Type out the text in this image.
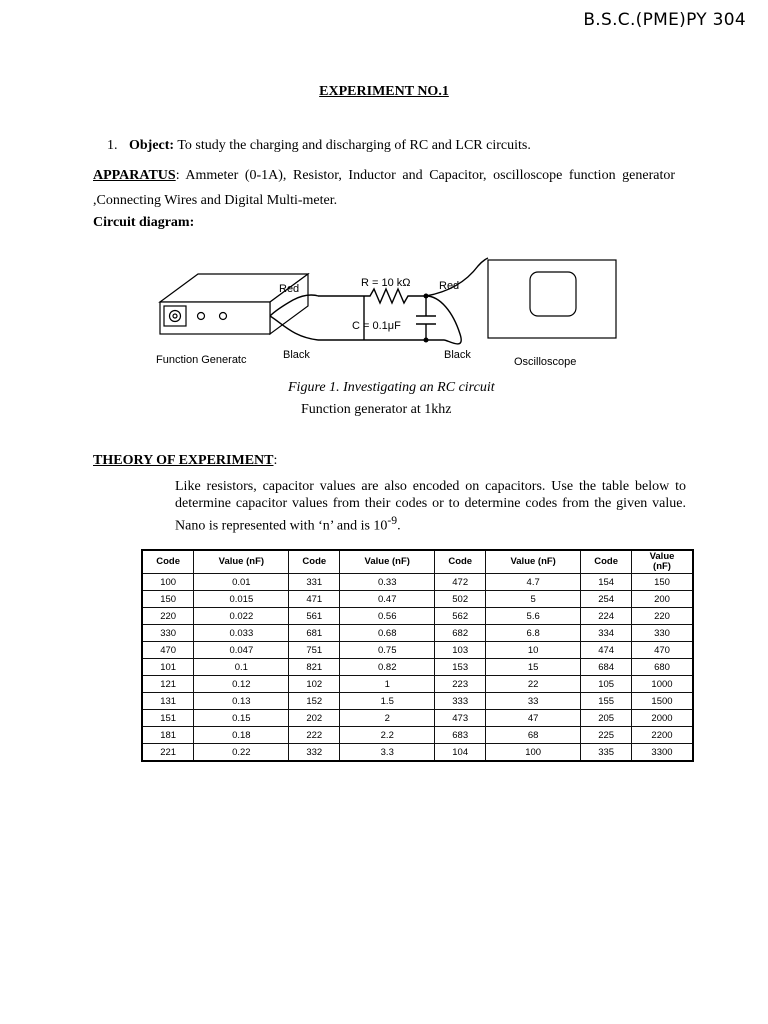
B.S.C.(PME)PY 304
EXPERIMENT NO.1
1. Object: To study the charging and discharging of RC and LCR circuits.
APPARATUS: Ammeter (0-1A), Resistor, Inductor and Capacitor, oscilloscope function generator ,Connecting Wires and Digital Multi-meter.
Circuit diagram:
Red	Red
R = 10 kΩ
C = 0.1μF
Black	Black
Function Generatc	Oscilloscope
Figure 1. Investigating an RC circuit
Function generator at 1khz
THEORY OF EXPERIMENT:
Like resistors, capacitor values are also encoded on capacitors. Use the table below to determine capacitor values from their codes or to determine codes from the given value. Nano is represented with ‘n’ and is $10^{-9}$.
Code	Value (nF)	Code	Value (nF)	Code	Value (nF)	Code	Value (nF)
100	0.01	331	0.33	472	4.7	154	150
150	0.015	471	0.47	502	5	254	200
220	0.022	561	0.56	562	5.6	224	220
330	0.033	681	0.68	682	6.8	334	330
470	0.047	751	0.75	103	10	474	470
101	0.1	821	0.82	153	15	684	680
121	0.12	102	1	223	22	105	1000
131	0.13	152	1.5	333	33	155	1500
151	0.15	202	2	473	47	205	2000
181	0.18	222	2.2	683	68	225	2200
221	0.22	332	3.3	104	100	335	3300
